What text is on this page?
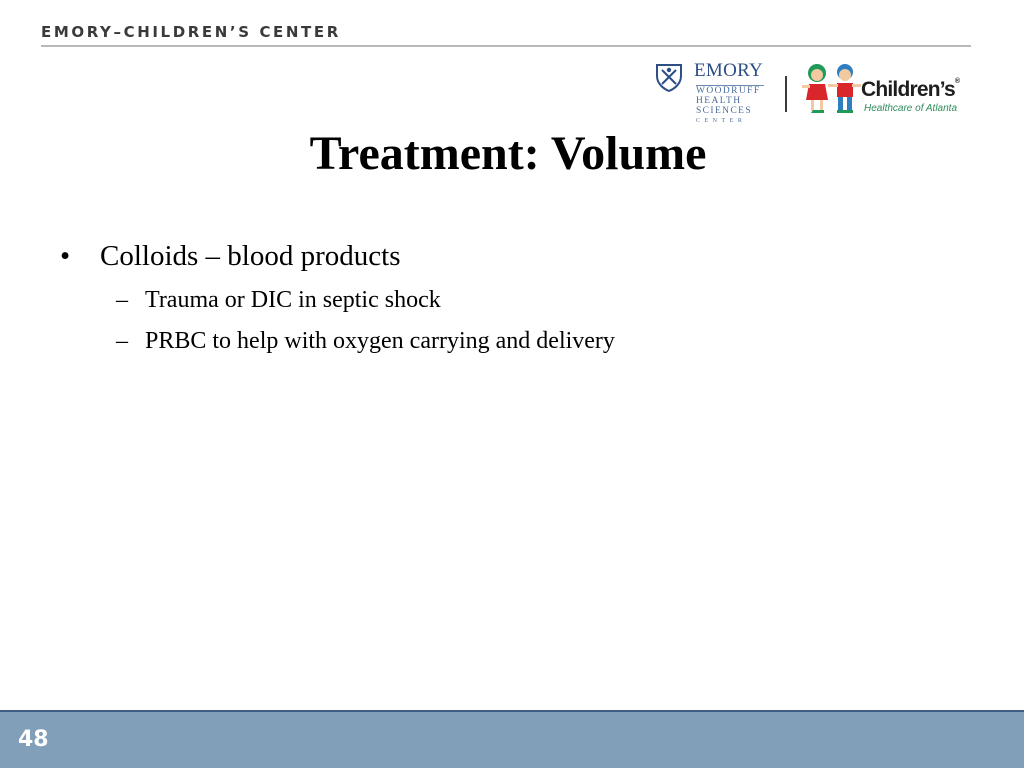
EMORY–CHILDREN’S CENTER
EMORY
WOODRUFF
HEALTH
SCIENCES
CENTER
Children’s®
Healthcare of Atlanta
Treatment: Volume
• Colloids – blood products
– Trauma or DIC in septic shock
– PRBC to help with oxygen carrying and delivery
48
